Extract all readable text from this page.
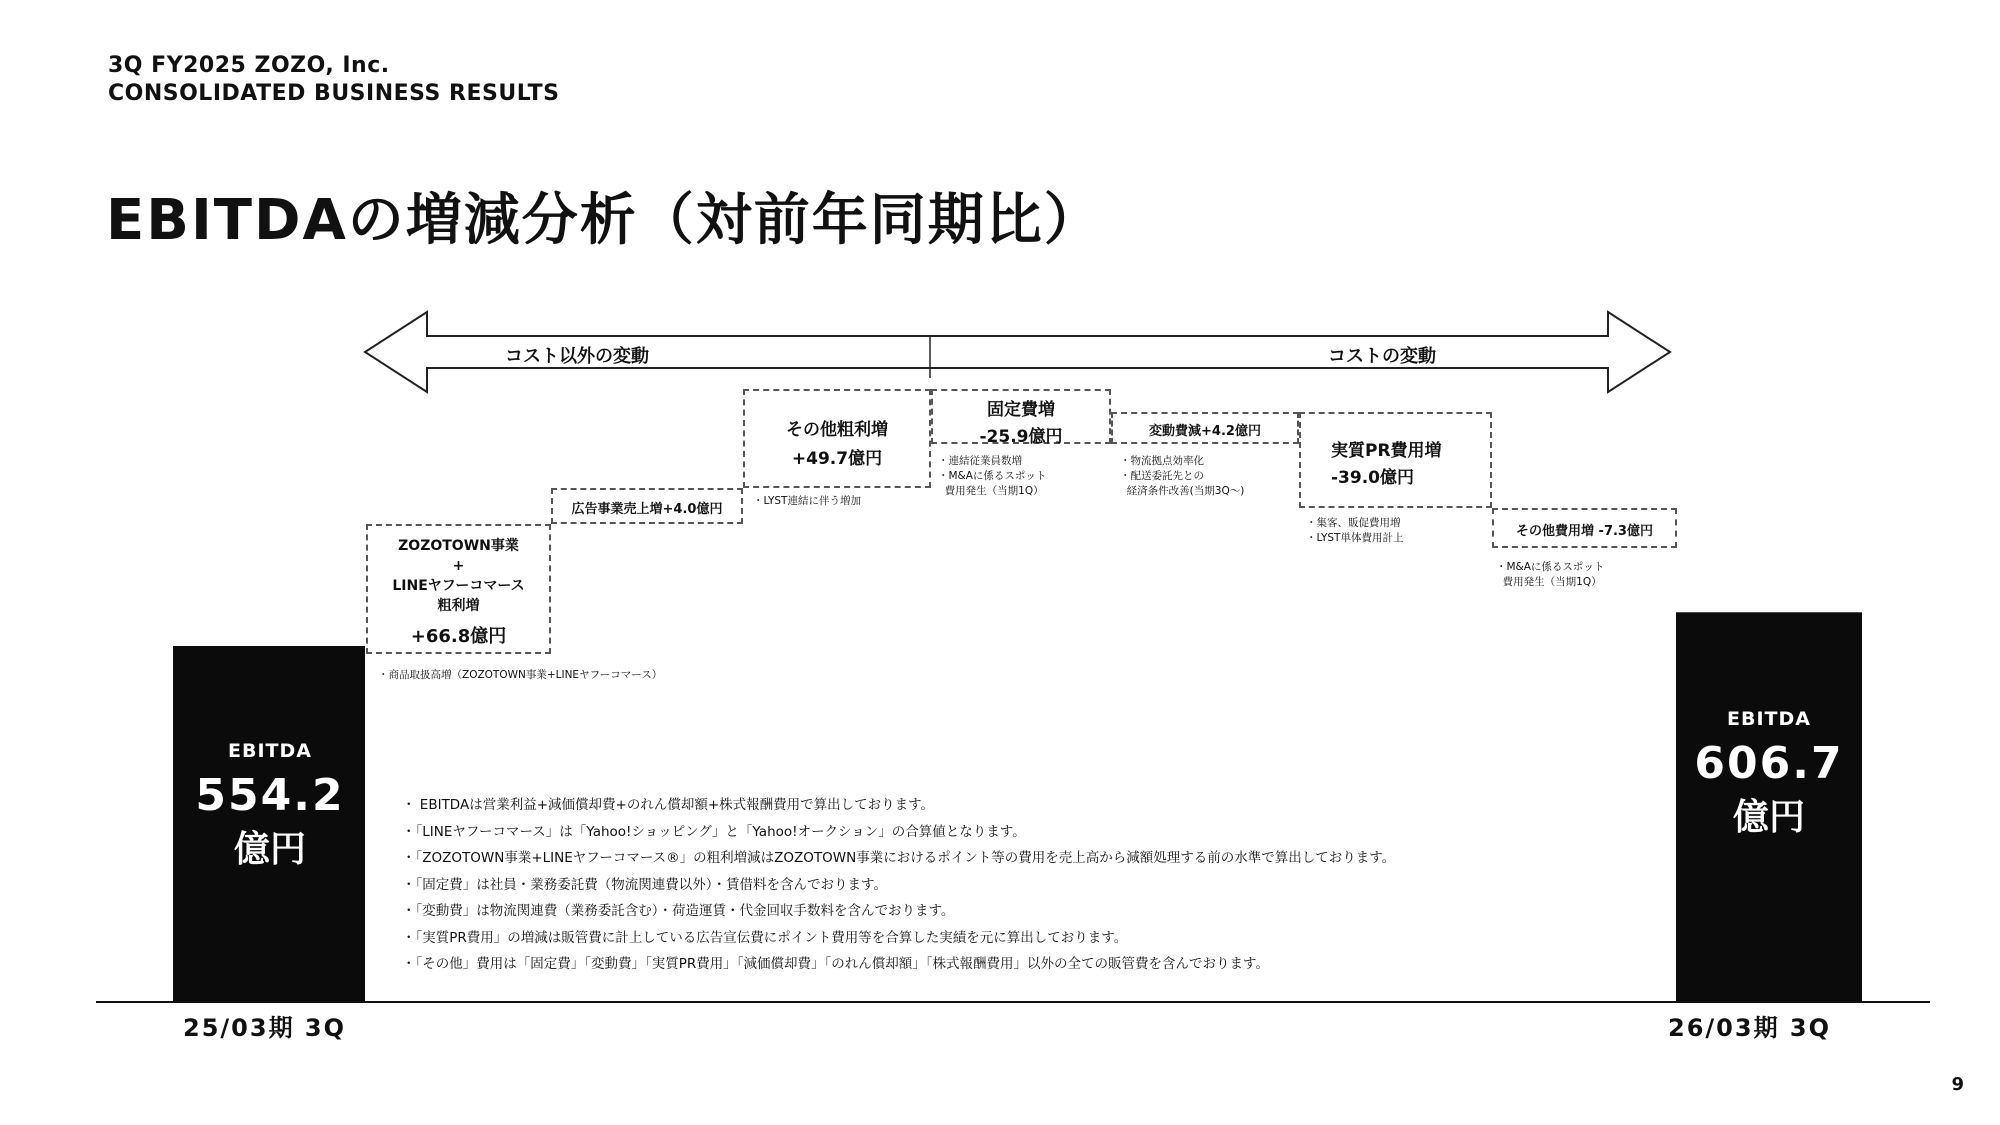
3Q FY2025 ZOZO, Inc.
CONSOLIDATED BUSINESS RESULTS
EBITDAの増減分析（対前年同期比）
コスト以外の変動	コストの変動
EBITDA
554.2
億円
EBITDA
606.7
億円
ZOZOTOWN事業
+
LINEヤフーコマース
粗利増
+66.8億円
広告事業売上増+4.0億円
その他粗利増
+49.7億円
固定費増
-25.9億円	変動費減+4.2億円
実質PR費用増
-39.0億円
その他費用増 -7.3億円
・商品取扱高増（ZOZOTOWN事業+LINEヤフーコマース）
・LYST連結に伴う増加
・連結従業員数増
・M&Aに係るスポット
費用発生（当期1Q）
・物流拠点効率化
・配送委託先との
経済条件改善(当期3Q〜)
・集客、販促費用増
・LYST単体費用計上
・M&Aに係るスポット
費用発生（当期1Q）
・ EBITDAは営業利益+減価償却費+のれん償却額+株式報酬費用で算出しております。
・「LINEヤフーコマース」は「Yahoo!ショッピング」と「Yahoo!オークション」の合算値となります。
・「ZOZOTOWN事業+LINEヤフーコマース®」の粗利増減はZOZOTOWN事業におけるポイント等の費用を売上高から減額処理する前の水準で算出しております。
・「固定費」は社員・業務委託費（物流関連費以外）・賃借料を含んでおります。
・「変動費」は物流関連費（業務委託含む）・荷造運賃・代金回収手数料を含んでおります。
・「実質PR費用」の増減は販管費に計上している広告宣伝費にポイント費用等を合算した実績を元に算出しております。
・「その他」費用は「固定費」「変動費」「実質PR費用」「減価償却費」「のれん償却額」「株式報酬費用」以外の全ての販管費を含んでおります。
25/03期 3Q	26/03期 3Q
9
